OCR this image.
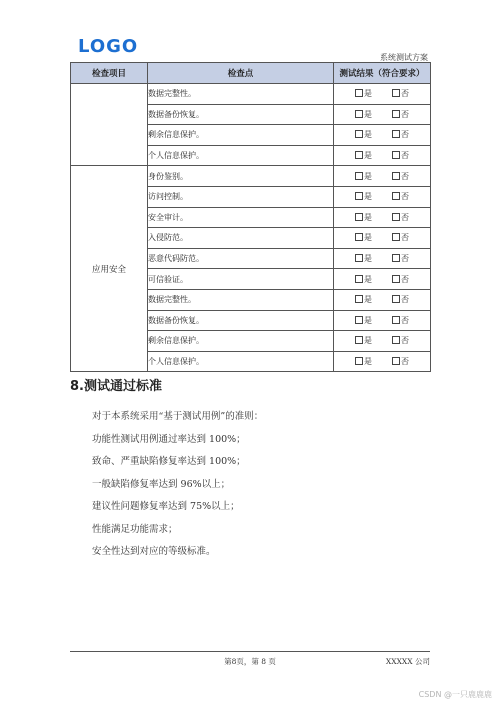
LOGO
系统测试方案
检查项目	检查点	测试结果（符合要求）
	数据完整性。	是 否
	数据备份恢复。	是 否
	剩余信息保护。	是 否
	个人信息保护。	是 否
应用安全	身份鉴别。	是 否
	访问控制。	是 否
	安全审计。	是 否
	入侵防范。	是 否
	恶意代码防范。	是 否
	可信验证。	是 否
	数据完整性。	是 否
	数据备份恢复。	是 否
	剩余信息保护。	是 否
	个人信息保护。	是 否
8.测试通过标准
对于本系统采用“基于测试用例”的准则：
功能性测试用例通过率达到 100%；
致命、严重缺陷修复率达到 100%；
一般缺陷修复率达到 96%以上；
建议性问题修复率达到 75%以上；
性能满足功能需求；
安全性达到对应的等级标准。
第8页，第 8 页	XXXXX 公司
CSDN @一只鹿鹿鹿
